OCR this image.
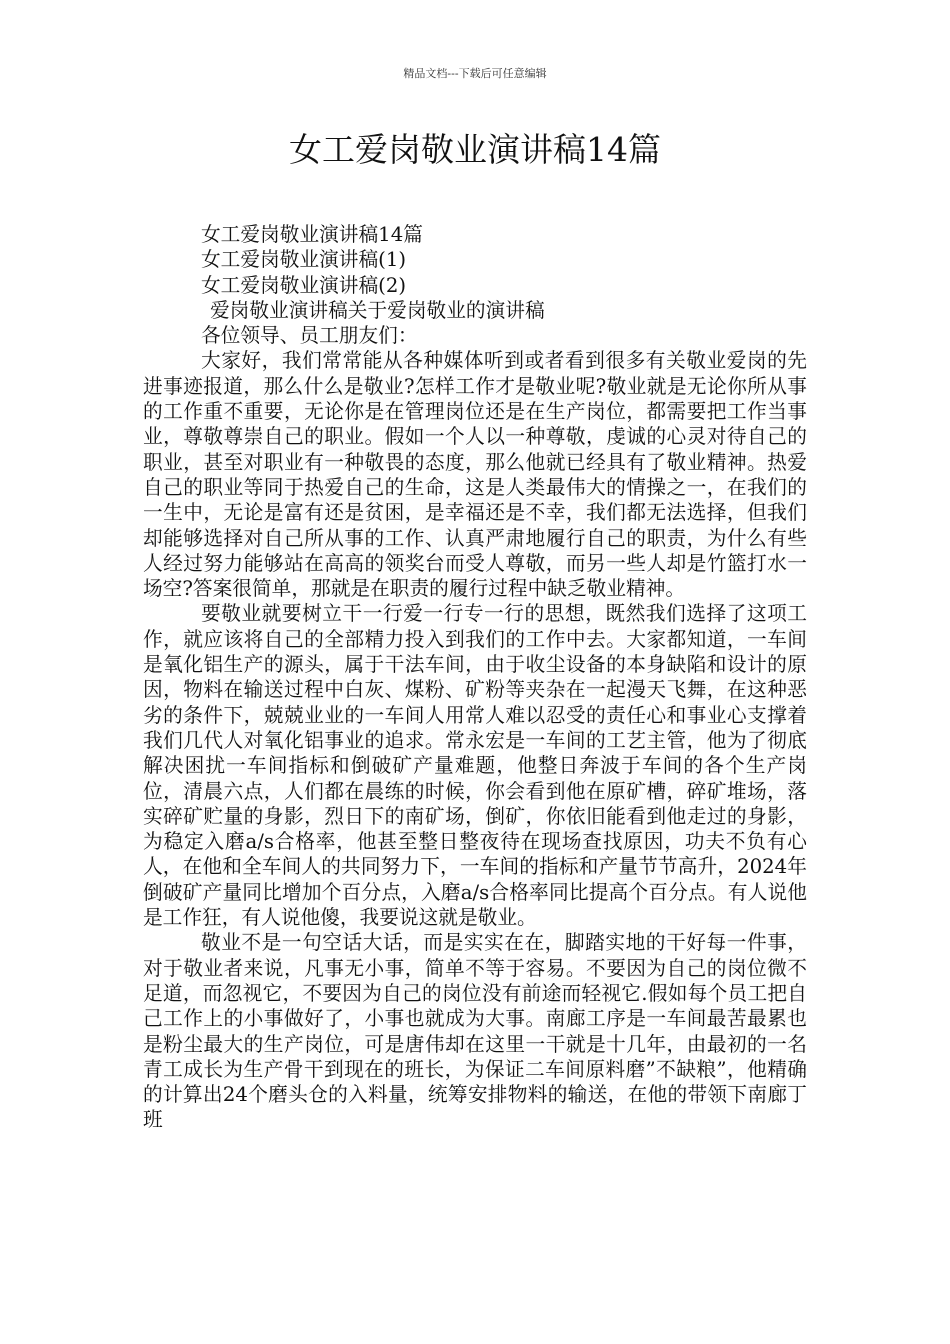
精品文档---下载后可任意编辑
女工爱岗敬业演讲稿14篇
女工爱岗敬业演讲稿14篇
女工爱岗敬业演讲稿(1)
女工爱岗敬业演讲稿(2)
爱岗敬业演讲稿关于爱岗敬业的演讲稿

各位领导、员工朋友们：

大家好，我们常常能从各种媒体听到或者看到很多有关敬业爱岗的先进事迹报道，那么什么是敬业?怎样工作才是敬业呢?敬业就是无论你所从事的工作重不重要，无论你是在管理岗位还是在生产岗位，都需要把工作当事业，尊敬尊崇自己的职业。假如一个人以一种尊敬，虔诚的心灵对待自己的职业，甚至对职业有一种敬畏的态度，那么他就已经具有了敬业精神。热爱自己的职业等同于热爱自己的生命，这是人类最伟大的情操之一，在我们的一生中，无论是富有还是贫困，是幸福还是不幸，我们都无法选择，但我们却能够选择对自己所从事的工作、认真严肃地履行自己的职责，为什么有些人经过努力能够站在高高的领奖台而受人尊敬，而另一些人却是竹篮打水一场空?答案很简单，那就是在职责的履行过程中缺乏敬业精神。

要敬业就要树立干一行爱一行专一行的思想，既然我们选择了这项工作，就应该将自己的全部精力投入到我们的工作中去。大家都知道，一车间是氧化铝生产的源头，属于干法车间，由于收尘设备的本身缺陷和设计的原因，物料在输送过程中白灰、煤粉、矿粉等夹杂在一起漫天飞舞，在这种恶劣的条件下，兢兢业业的一车间人用常人难以忍受的责任心和事业心支撑着我们几代人对氧化铝事业的追求。常永宏是一车间的工艺主管，他为了彻底解决困扰一车间指标和倒破矿产量难题，他整日奔波于车间的各个生产岗位，清晨六点，人们都在晨练的时候，你会看到他在原矿槽，碎矿堆场，落实碎矿贮量的身影，烈日下的南矿场，倒矿，你依旧能看到他走过的身影，为稳定入磨a/s合格率，他甚至整日整夜待在现场查找原因，功夫不负有心人，在他和全车间人的共同努力下，一车间的指标和产量节节高升，2024年倒破矿产量同比增加个百分点，入磨a/s合格率同比提高个百分点。有人说他是工作狂，有人说他傻，我要说这就是敬业。

敬业不是一句空话大话，而是实实在在，脚踏实地的干好每一件事，对于敬业者来说，凡事无小事，简单不等于容易。不要因为自己的岗位微不足道，而忽视它，不要因为自己的岗位没有前途而轻视它.假如每个员工把自己工作上的小事做好了，小事也就成为大事。南廊工序是一车间最苦最累也是粉尘最大的生产岗位，可是唐伟却在这里一干就是十几年，由最初的一名青工成长为生产骨干到现在的班长，为保证二车间原料磨”不缺粮”，他精确的计算出24个磨头仓的入料量，统筹安排物料的输送，在他的带领下南廊丁班
